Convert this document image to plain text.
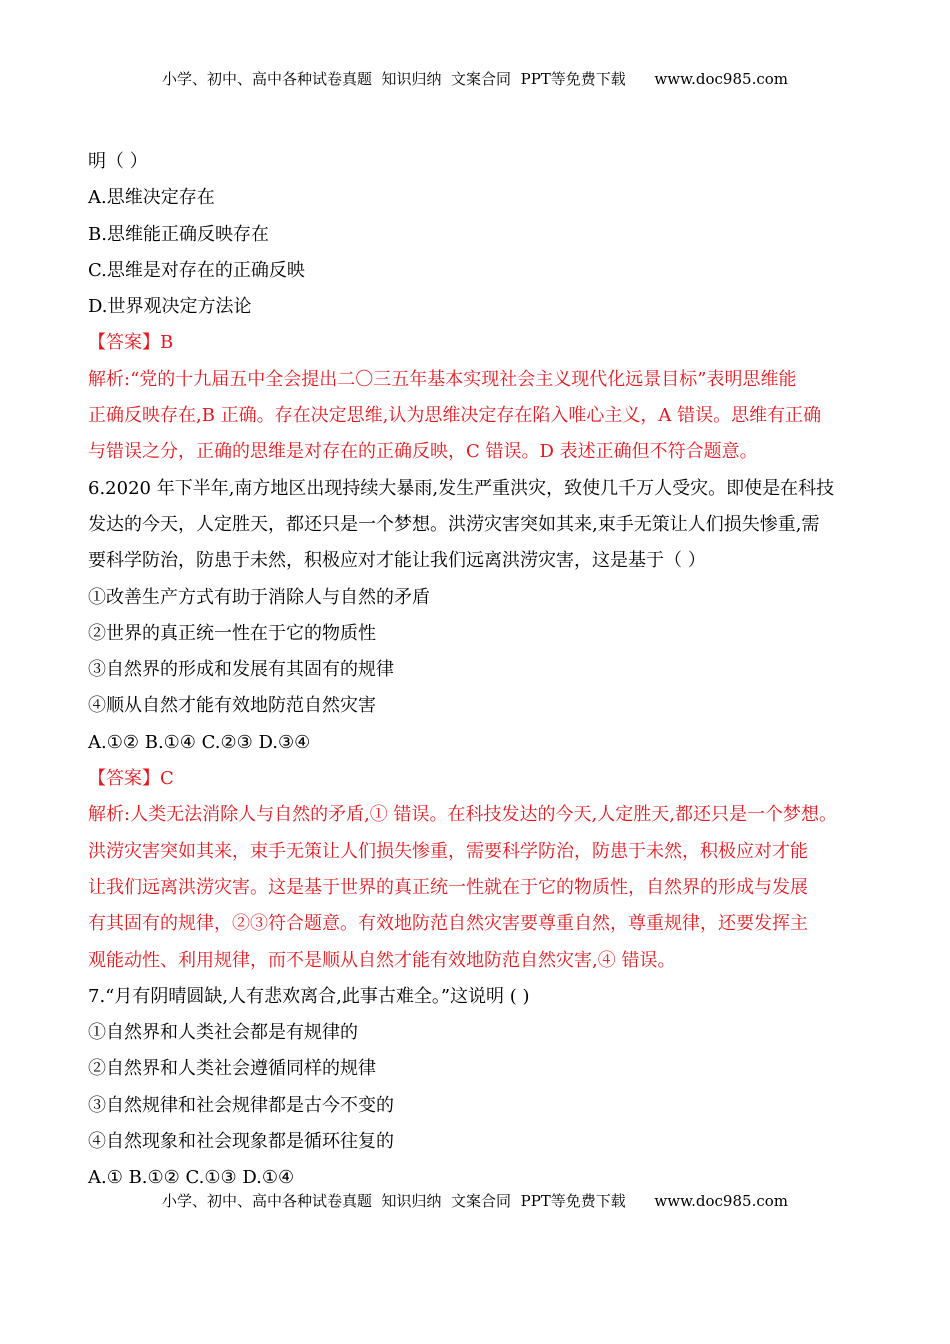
小学、初中、高中各种试卷真题  知识归纳  文案合同  PPT等免费下载      www.doc985.com
明（ ）
A.思维决定存在
B.思维能正确反映存在
C.思维是对存在的正确反映
D.世界观决定方法论
【答案】B
解析:“党的十九届五中全会提出二〇三五年基本实现社会主义现代化远景目标”表明思维能
正确反映存在,B 正确。存在决定思维,认为思维决定存在陷入唯心主义，A 错误。思维有正确
与错误之分，正确的思维是对存在的正确反映，C 错误。D 表述正确但不符合题意。
6.2020 年下半年,南方地区出现持续大暴雨,发生严重洪灾，致使几千万人受灾。即使是在科技
发达的今天，人定胜天，都还只是一个梦想。洪涝灾害突如其来,束手无策让人们损失惨重,需
要科学防治，防患于未然，积极应对才能让我们远离洪涝灾害，这是基于（ ）
①改善生产方式有助于消除人与自然的矛盾
②世界的真正统一性在于它的物质性
③自然界的形成和发展有其固有的规律
④顺从自然才能有效地防范自然灾害
A.①② B.①④ C.②③ D.③④
【答案】C
解析:人类无法消除人与自然的矛盾,① 错误。在科技发达的今天,人定胜天,都还只是一个梦想。
洪涝灾害突如其来，束手无策让人们损失惨重，需要科学防治，防患于未然，积极应对才能
让我们远离洪涝灾害。这是基于世界的真正统一性就在于它的物质性，自然界的形成与发展
有其固有的规律，②③符合题意。有效地防范自然灾害要尊重自然，尊重规律，还要发挥主
观能动性、利用规律，而不是顺从自然才能有效地防范自然灾害,④ 错误。
7.“月有阴晴圆缺,人有悲欢离合,此事古难全。”这说明 ( )
①自然界和人类社会都是有规律的
②自然界和人类社会遵循同样的规律
③自然规律和社会规律都是古今不变的
④自然现象和社会现象都是循环往复的
A.① B.①② C.①③ D.①④
小学、初中、高中各种试卷真题  知识归纳  文案合同  PPT等免费下载      www.doc985.com
